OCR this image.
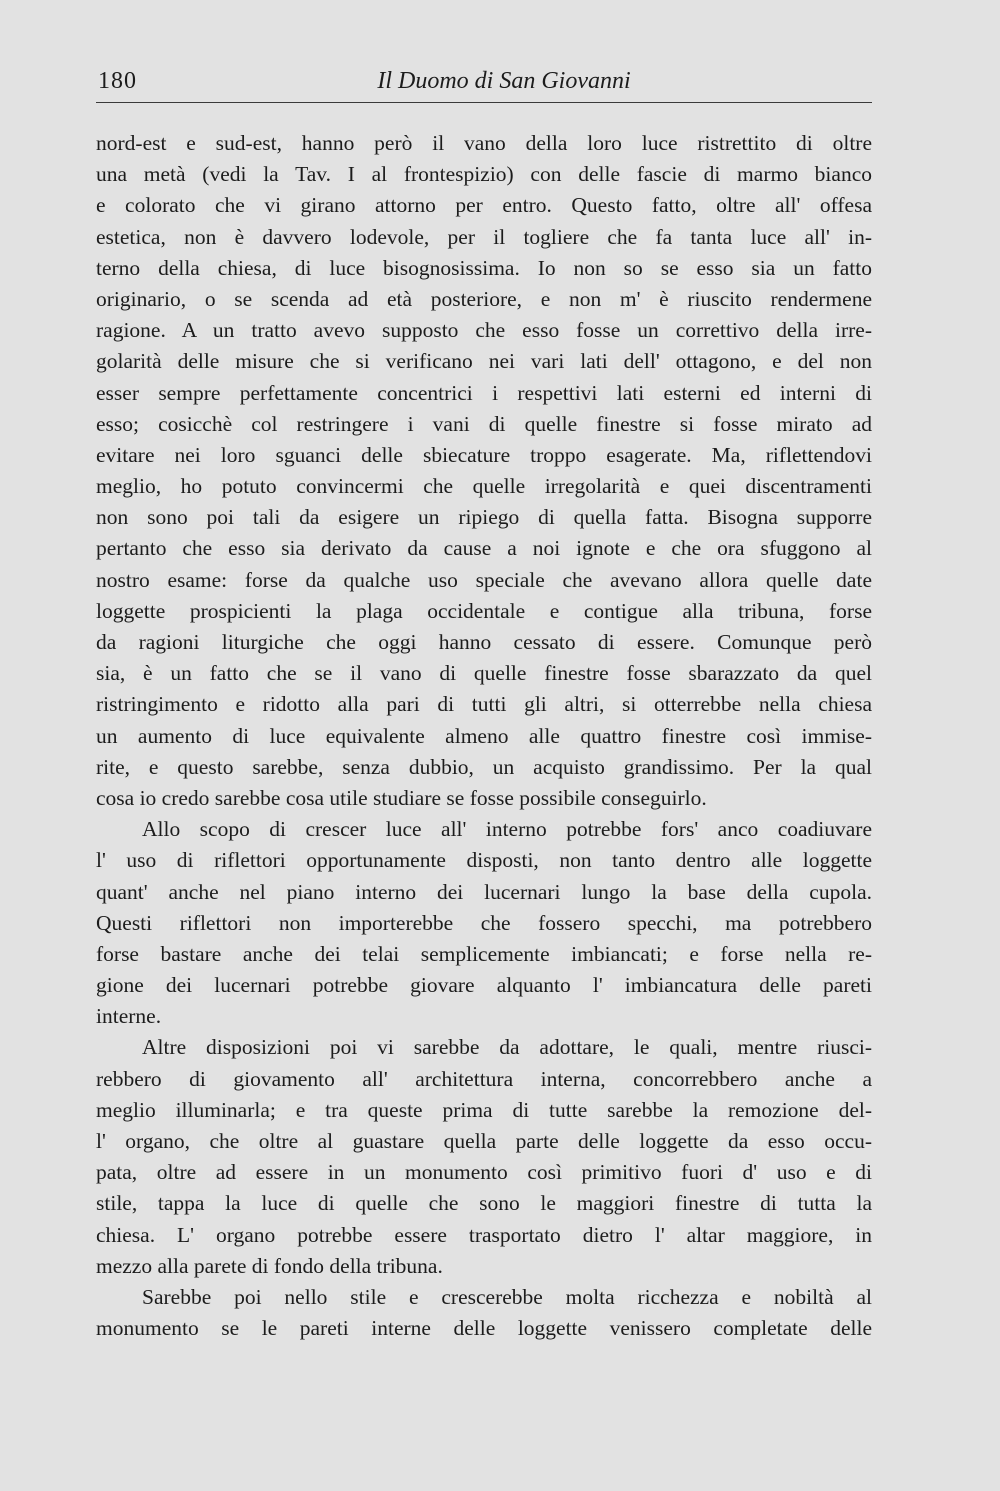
180	Il Duomo di San Giovanni
nord-est e sud-est, hanno però il vano della loro luce ristrettito di oltre
una metà (vedi la Tav. I al frontespizio) con delle fascie di marmo bianco
e colorato che vi girano attorno per entro. Questo fatto, oltre all' offesa
estetica, non è davvero lodevole, per il togliere che fa tanta luce all' in-
terno della chiesa, di luce bisognosissima. Io non so se esso sia un fatto
originario, o se scenda ad età posteriore, e non m' è riuscito rendermene
ragione. A un tratto avevo supposto che esso fosse un correttivo della irre-
golarità delle misure che si verificano nei vari lati dell' ottagono, e del non
esser sempre perfettamente concentrici i respettivi lati esterni ed interni di
esso; cosicchè col restringere i vani di quelle finestre si fosse mirato ad
evitare nei loro sguanci delle sbiecature troppo esagerate. Ma, riflettendovi
meglio, ho potuto convincermi che quelle irregolarità e quei discentramenti
non sono poi tali da esigere un ripiego di quella fatta. Bisogna supporre
pertanto che esso sia derivato da cause a noi ignote e che ora sfuggono al
nostro esame: forse da qualche uso speciale che avevano allora quelle date
loggette prospicienti la plaga occidentale e contigue alla tribuna, forse
da ragioni liturgiche che oggi hanno cessato di essere. Comunque però
sia, è un fatto che se il vano di quelle finestre fosse sbarazzato da quel
ristringimento e ridotto alla pari di tutti gli altri, si otterrebbe nella chiesa
un aumento di luce equivalente almeno alle quattro finestre così immise-
rite, e questo sarebbe, senza dubbio, un acquisto grandissimo. Per la qual
cosa io credo sarebbe cosa utile studiare se fosse possibile conseguirlo.
Allo scopo di crescer luce all' interno potrebbe fors' anco coadiuvare
l' uso di riflettori opportunamente disposti, non tanto dentro alle loggette
quant' anche nel piano interno dei lucernari lungo la base della cupola.
Questi riflettori non importerebbe che fossero specchi, ma potrebbero
forse bastare anche dei telai semplicemente imbiancati; e forse nella re-
gione dei lucernari potrebbe giovare alquanto l' imbiancatura delle pareti
interne.
Altre disposizioni poi vi sarebbe da adottare, le quali, mentre riusci-
rebbero di giovamento all' architettura interna, concorrebbero anche a
meglio illuminarla; e tra queste prima di tutte sarebbe la remozione del-
l' organo, che oltre al guastare quella parte delle loggette da esso occu-
pata, oltre ad essere in un monumento così primitivo fuori d' uso e di
stile, tappa la luce di quelle che sono le maggiori finestre di tutta la
chiesa. L' organo potrebbe essere trasportato dietro l' altar maggiore, in
mezzo alla parete di fondo della tribuna.
Sarebbe poi nello stile e crescerebbe molta ricchezza e nobiltà al
monumento se le pareti interne delle loggette venissero completate delle
